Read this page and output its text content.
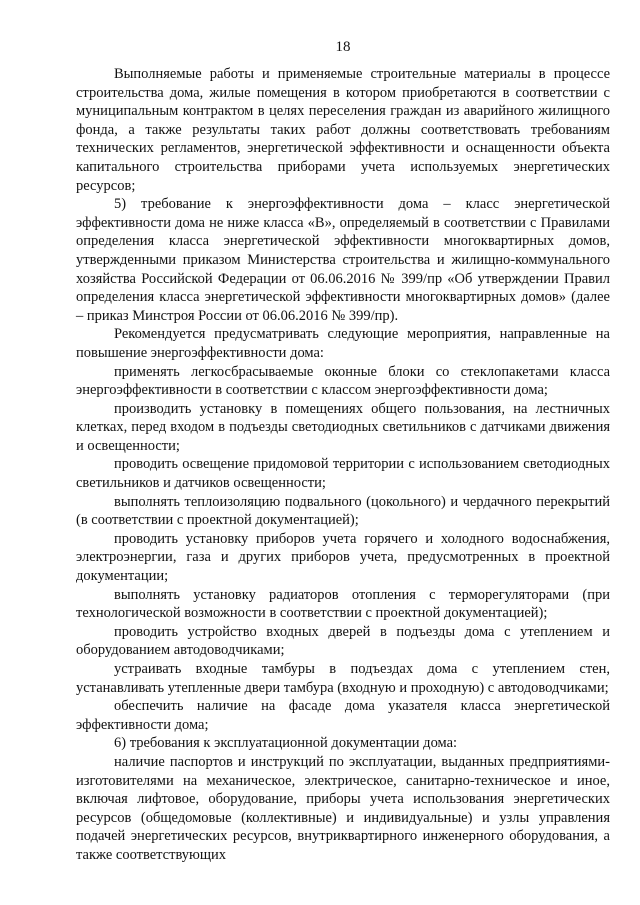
18

Выполняемые работы и применяемые строительные материалы в процессе строительства дома, жилые помещения в котором приобретаются в соответствии с муниципальным контрактом в целях переселения граждан из аварийного жилищного фонда, а также результаты таких работ должны соответствовать требованиям технических регламентов, энергетической эффективности и оснащенности объекта капитального строительства приборами учета используемых энергетических ресурсов;

5) требование к энергоэффективности дома – класс энергетической эффективности дома не ниже класса «В», определяемый в соответствии с Правилами определения класса энергетической эффективности многоквартирных домов, утвержденными приказом Министерства строительства и жилищно-коммунального хозяйства Российской Федерации от 06.06.2016 № 399/пр «Об утверждении Правил определения класса энергетической эффективности многоквартирных домов» (далее – приказ Минстроя России от 06.06.2016 № 399/пр).

Рекомендуется предусматривать следующие мероприятия, направленные на повышение энергоэффективности дома:

применять легкосбрасываемые оконные блоки со стеклопакетами класса энергоэффективности в соответствии с классом энергоэффективности дома;

производить установку в помещениях общего пользования, на лестничных клетках, перед входом в подъезды светодиодных светильников с датчиками движения и освещенности;

проводить освещение придомовой территории с использованием светодиодных светильников и датчиков освещенности;

выполнять теплоизоляцию подвального (цокольного) и чердачного перекрытий (в соответствии с проектной документацией);

проводить установку приборов учета горячего и холодного водоснабжения, электроэнергии, газа и других приборов учета, предусмотренных в проектной документации;

выполнять установку радиаторов отопления с терморегуляторами (при технологической возможности в соответствии с проектной документацией);

проводить устройство входных дверей в подъезды дома с утеплением и оборудованием автодоводчиками;

устраивать входные тамбуры в подъездах дома с утеплением стен, устанавливать утепленные двери тамбура (входную и проходную) с автодоводчиками;

обеспечить наличие на фасаде дома указателя класса энергетической эффективности дома;

6) требования к эксплуатационной документации дома:

наличие паспортов и инструкций по эксплуатации, выданных предприятиями-изготовителями на механическое, электрическое, санитарно-техническое и иное, включая лифтовое, оборудование, приборы учета использования энергетических ресурсов (общедомовые (коллективные) и индивидуальные) и узлы управления подачей энергетических ресурсов, внутриквартирного инженерного оборудования, а также соответствующих
